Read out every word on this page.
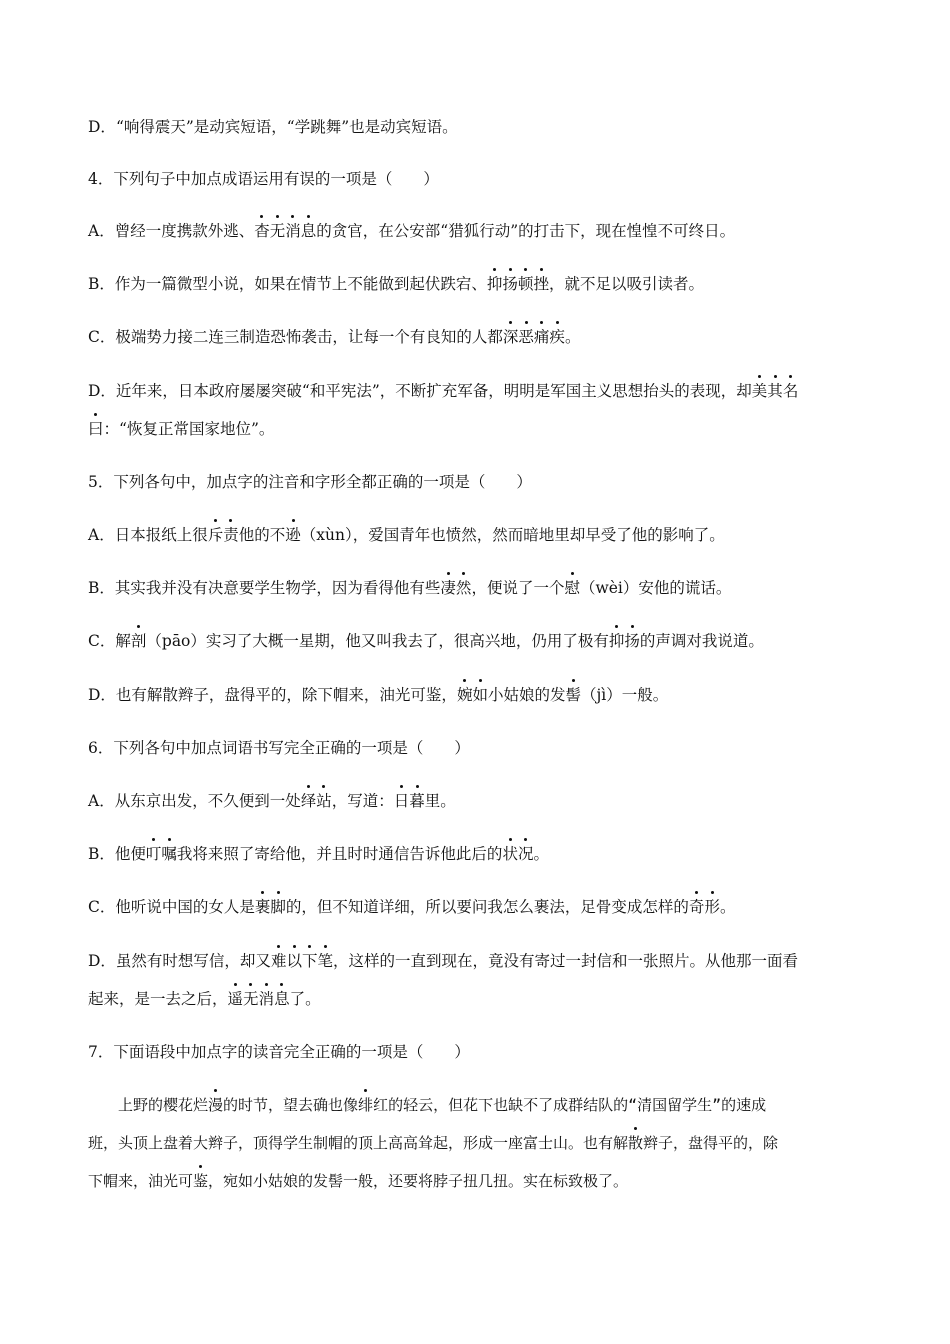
D．“响得震天”是动宾短语，“学跳舞”也是动宾短语。
4．下列句子中加点成语运用有误的一项是（　　）
A．曾经一度携款外逃、杳无消息的贪官，在公安部“猎狐行动”的打击下，现在惶惶不可终日。
B．作为一篇微型小说，如果在情节上不能做到起伏跌宕、抑扬顿挫，就不足以吸引读者。
C．极端势力接二连三制造恐怖袭击，让每一个有良知的人都深恶痛疾。
D．近年来，日本政府屡屡突破“和平宪法”，不断扩充军备，明明是军国主义思想抬头的表现，却美其名
曰：“恢复正常国家地位”。
5．下列各句中，加点字的注音和字形全都正确的一项是（　　）
A．日本报纸上很斥责他的不逊（xùn），爱国青年也愤然，然而暗地里却早受了他的影响了。
B．其实我并没有决意要学生物学，因为看得他有些凄然，便说了一个慰（wèi）安他的谎话。
C．解剖（pāo）实习了大概一星期，他又叫我去了，很高兴地，仍用了极有抑扬的声调对我说道。
D．也有解散辫子，盘得平的，除下帽来，油光可鉴，婉如小姑娘的发髻（jì）一般。
6．下列各句中加点词语书写完全正确的一项是（　　）
A．从东京出发，不久便到一处绎站，写道：日暮里。
B．他便叮嘱我将来照了寄给他，并且时时通信告诉他此后的状况。
C．他听说中国的女人是裹脚的，但不知道详细，所以要问我怎么裹法，足骨变成怎样的奇形。
D．虽然有时想写信，却又难以下笔，这样的一直到现在，竟没有寄过一封信和一张照片。从他那一面看
起来，是一去之后，遥无消息了。
7．下面语段中加点字的读音完全正确的一项是（　　）
上野的樱花烂漫的时节，望去确也像绯红的轻云，但花下也缺不了成群结队的“清国留学生”的速成
班，头顶上盘着大辫子，顶得学生制帽的顶上高高耸起，形成一座富士山。也有解散辫子，盘得平的，除
下帽来，油光可鉴，宛如小姑娘的发髻一般，还要将脖子扭几扭。实在标致极了。
